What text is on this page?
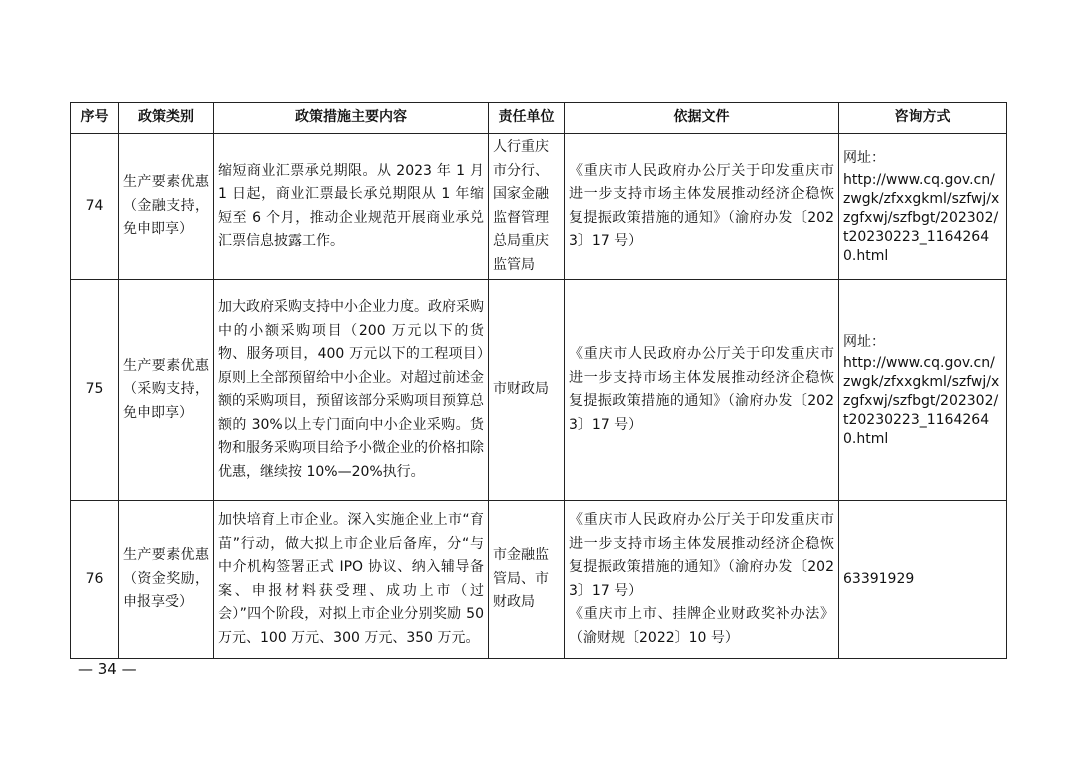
序号	政策类别	政策措施主要内容	责任单位	依据文件	咨询方式
74	生产要素优惠（金融支持，免申即享）	缩短商业汇票承兑期限。从 2023 年 1 月 1 日起，商业汇票最长承兑期限从 1 年缩短至 6 个月，推动企业规范开展商业承兑汇票信息披露工作。	人行重庆市分行、国家金融监督管理总局重庆监管局	《重庆市人民政府办公厅关于印发重庆市进一步支持市场主体发展推动经济企稳恢复提振政策措施的通知》（渝府办发〔2023〕17 号）	网址：
http://www.cq.gov.cn/zwgk/zfxxgkml/szfwj/xzgfxwj/szfbgt/202302/t20230223_11642640.html

75	生产要素优惠（采购支持，免申即享）	加大政府采购支持中小企业力度。政府采购中的小额采购项目（200 万元以下的货物、服务项目，400 万元以下的工程项目）原则上全部预留给中小企业。对超过前述金额的采购项目，预留该部分采购项目预算总额的 30%以上专门面向中小企业采购。货物和服务采购项目给予小微企业的价格扣除优惠，继续按 10%—20%执行。	市财政局	《重庆市人民政府办公厅关于印发重庆市进一步支持市场主体发展推动经济企稳恢复提振政策措施的通知》（渝府办发〔2023〕17 号）	网址：
http://www.cq.gov.cn/zwgk/zfxxgkml/szfwj/xzgfxwj/szfbgt/202302/t20230223_11642640.html

76	生产要素优惠（资金奖励，申报享受）	加快培育上市企业。深入实施企业上市“育苗”行动，做大拟上市企业后备库，分“与中介机构签署正式 IPO 协议、纳入辅导备案、申报材料获受理、成功上市（过会）”四个阶段，对拟上市企业分别奖励 50 万元、100 万元、300 万元、350 万元。	市金融监管局、市财政局	《重庆市人民政府办公厅关于印发重庆市进一步支持市场主体发展推动经济企稳恢复提振政策措施的通知》（渝府办发〔2023〕17 号）
《重庆市上市、挂牌企业财政奖补办法》（渝财规〔2022〕10 号）	63391929
— 34 —
